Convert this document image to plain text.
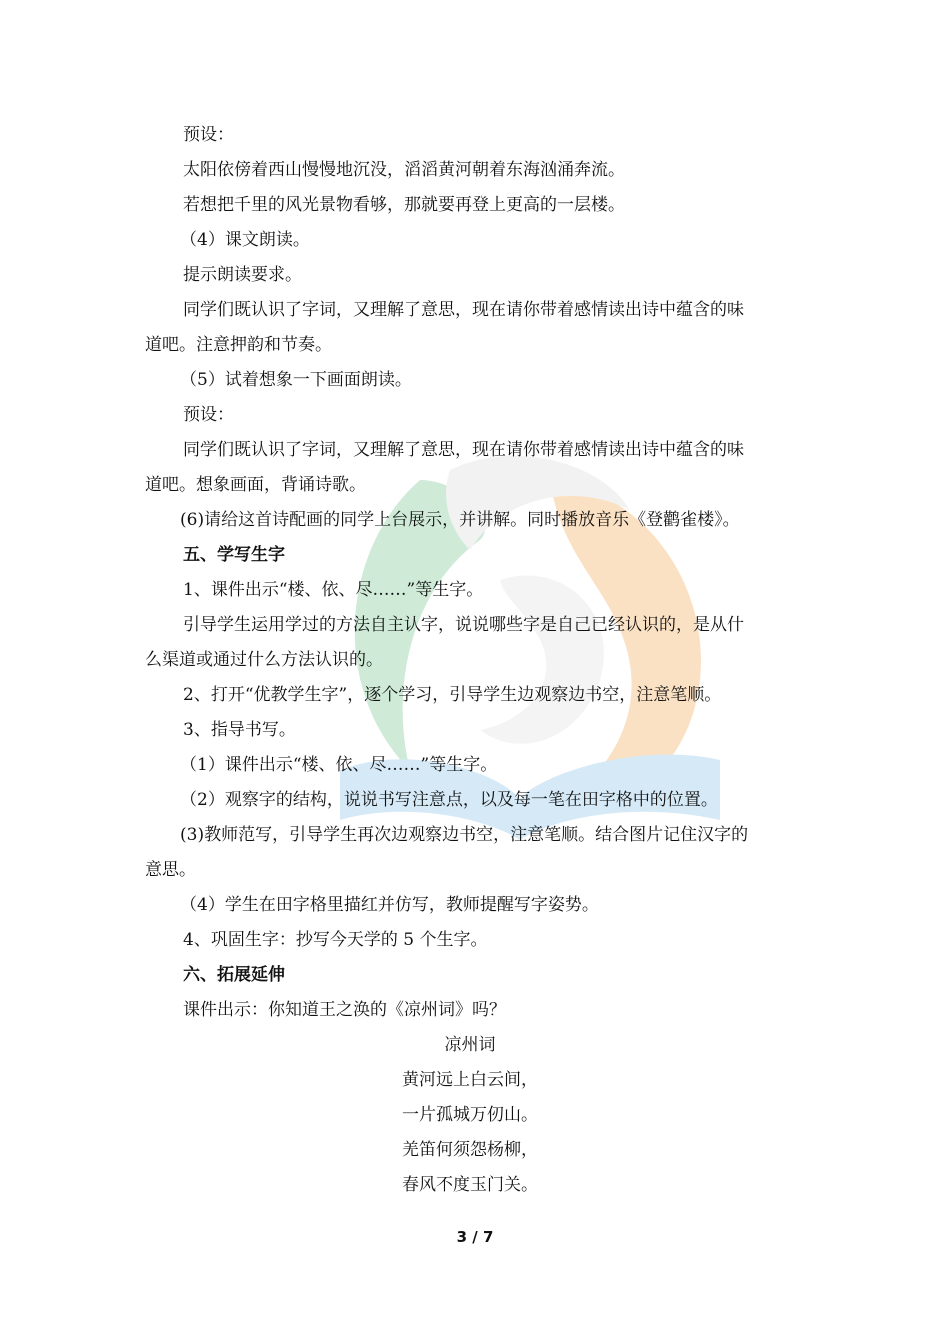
预设：
太阳依傍着西山慢慢地沉没，滔滔黄河朝着东海汹涌奔流。
若想把千里的风光景物看够，那就要再登上更高的一层楼。
（4）课文朗读。
提示朗读要求。
同学们既认识了字词，又理解了意思，现在请你带着感情读出诗中蕴含的味
道吧。注意押韵和节奏。
（5）试着想象一下画面朗读。
预设：
同学们既认识了字词，又理解了意思，现在请你带着感情读出诗中蕴含的味
道吧。想象画面，背诵诗歌。
(6)请给这首诗配画的同学上台展示，并讲解。同时播放音乐《登鹳雀楼》。
五、学写生字
1、课件出示“楼、依、尽……”等生字。
引导学生运用学过的方法自主认字，说说哪些字是自己已经认识的，是从什
么渠道或通过什么方法认识的。
2、打开“优教学生字”，逐个学习，引导学生边观察边书空，注意笔顺。
3、指导书写。
（1）课件出示“楼、依、尽……”等生字。
（2）观察字的结构，说说书写注意点，以及每一笔在田字格中的位置。
(3)教师范写，引导学生再次边观察边书空，注意笔顺。结合图片记住汉字的
意思。
（4）学生在田字格里描红并仿写，教师提醒写字姿势。
4、巩固生字：抄写今天学的 5 个生字。
六、拓展延伸
课件出示：你知道王之涣的《凉州词》吗？
凉州词
黄河远上白云间，
一片孤城万仞山。
羌笛何须怨杨柳，
春风不度玉门关。
3 / 7
